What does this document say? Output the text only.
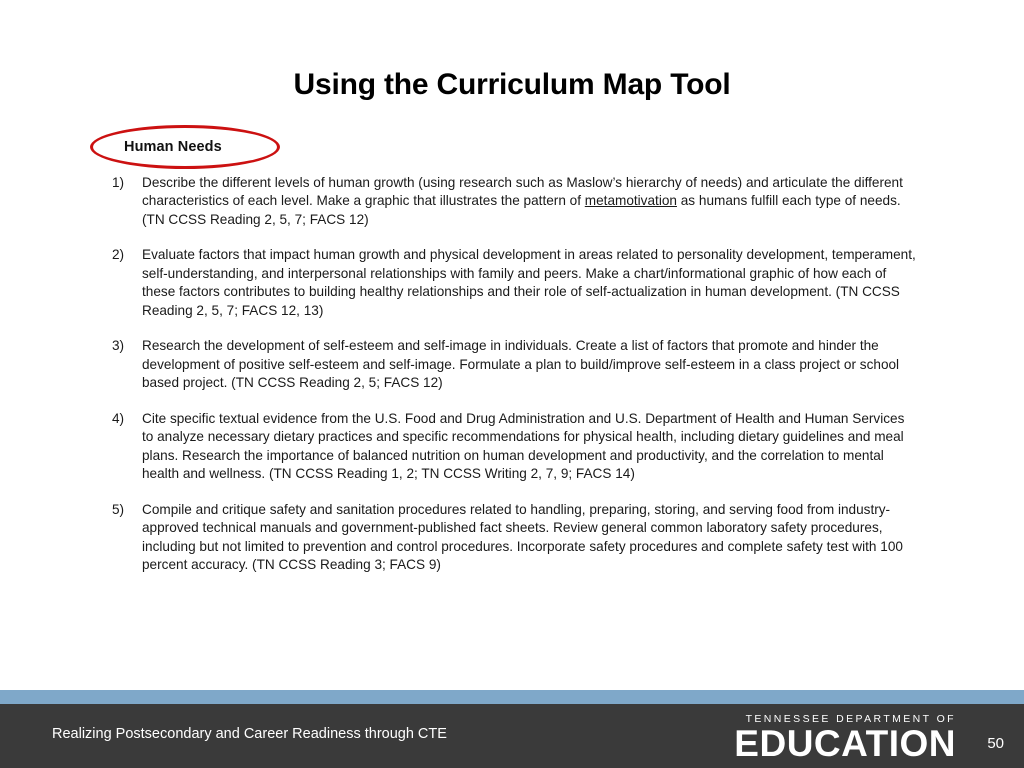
Using the Curriculum Map Tool
Human Needs
1)	Describe the different levels of human growth (using research such as Maslow’s hierarchy of needs) and articulate the different characteristics of each level. Make a graphic that illustrates the pattern of metamotivation as humans fulfill each type of needs. (TN CCSS Reading 2, 5, 7; FACS 12)
2)	Evaluate factors that impact human growth and physical development in areas related to personality development, temperament, self-understanding, and interpersonal relationships with family and peers. Make a chart/informational graphic of how each of these factors contributes to building healthy relationships and their role of self-actualization in human development. (TN CCSS Reading 2, 5, 7; FACS 12, 13)
3)	Research the development of self-esteem and self-image in individuals. Create a list of factors that promote and hinder the development of positive self-esteem and self-image. Formulate a plan to build/improve self-esteem in a class project or school based project. (TN CCSS Reading 2, 5; FACS 12)
4)	Cite specific textual evidence from the U.S. Food and Drug Administration and U.S. Department of Health and Human Services to analyze necessary dietary practices and specific recommendations for physical health, including dietary guidelines and meal plans. Research the importance of balanced nutrition on human development and productivity, and the correlation to mental health and wellness. (TN CCSS Reading 1, 2; TN CCSS Writing 2, 7, 9; FACS 14)
5)	Compile and critique safety and sanitation procedures related to handling, preparing, storing, and serving food from industry-approved technical manuals and government-published fact sheets. Review general common laboratory safety procedures, including but not limited to prevention and control procedures. Incorporate safety procedures and complete safety test with 100 percent accuracy. (TN CCSS Reading 3; FACS 9)
Realizing Postsecondary and Career Readiness through CTE
TENNESSEE DEPARTMENT OF
EDUCATION 50
